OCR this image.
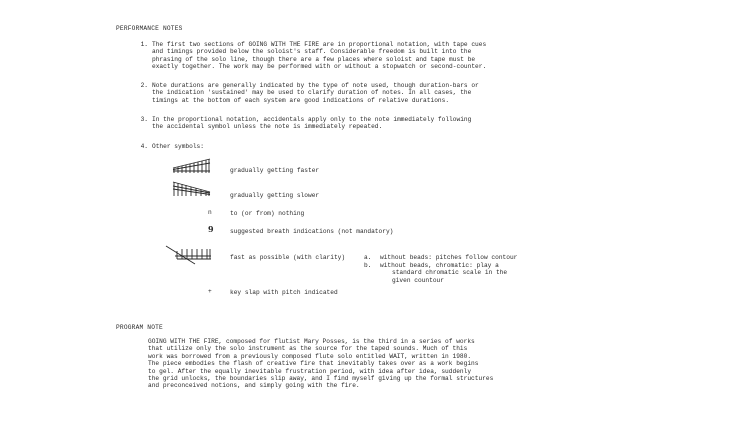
PERFORMANCE NOTES
1. The first two sections of GOING WITH THE FIRE are in proportional notation, with tape cues
and timings provided below the soloist's staff. Considerable freedom is built into the
phrasing of the solo line, though there are a few places where soloist and tape must be
exactly together. The work may be performed with or without a stopwatch or second-counter.
2. Note durations are generally indicated by the type of note used, though duration-bars or
the indication 'sustained' may be used to clarify duration of notes. In all cases, the
timings at the bottom of each system are good indications of relative durations.
3. In the proportional notation, accidentals apply only to the note immediately following
the accidental symbol unless the note is immediately repeated.
4. Other symbols:
gradually getting faster
gradually getting slower
n	to (or from) nothing
9	suggested breath indications (not mandatory)
fast as possible (with clarity)	a. without beads: pitches follow contour
b. without beads, chromatic: play a
standard chromatic scale in the
given countour
+	key slap with pitch indicated
PROGRAM NOTE
GOING WITH THE FIRE, composed for flutist Mary Posses, is the third in a series of works
that utilize only the solo instrument as the source for the taped sounds. Much of this
work was borrowed from a previously composed flute solo entitled WAIT, written in 1980.
The piece embodies the flash of creative fire that inevitably takes over as a work begins
to gel. After the equally inevitable frustration period, with idea after idea, suddenly
the grid unlocks, the boundaries slip away, and I find myself giving up the formal structures
and preconceived notions, and simply going with the fire.
